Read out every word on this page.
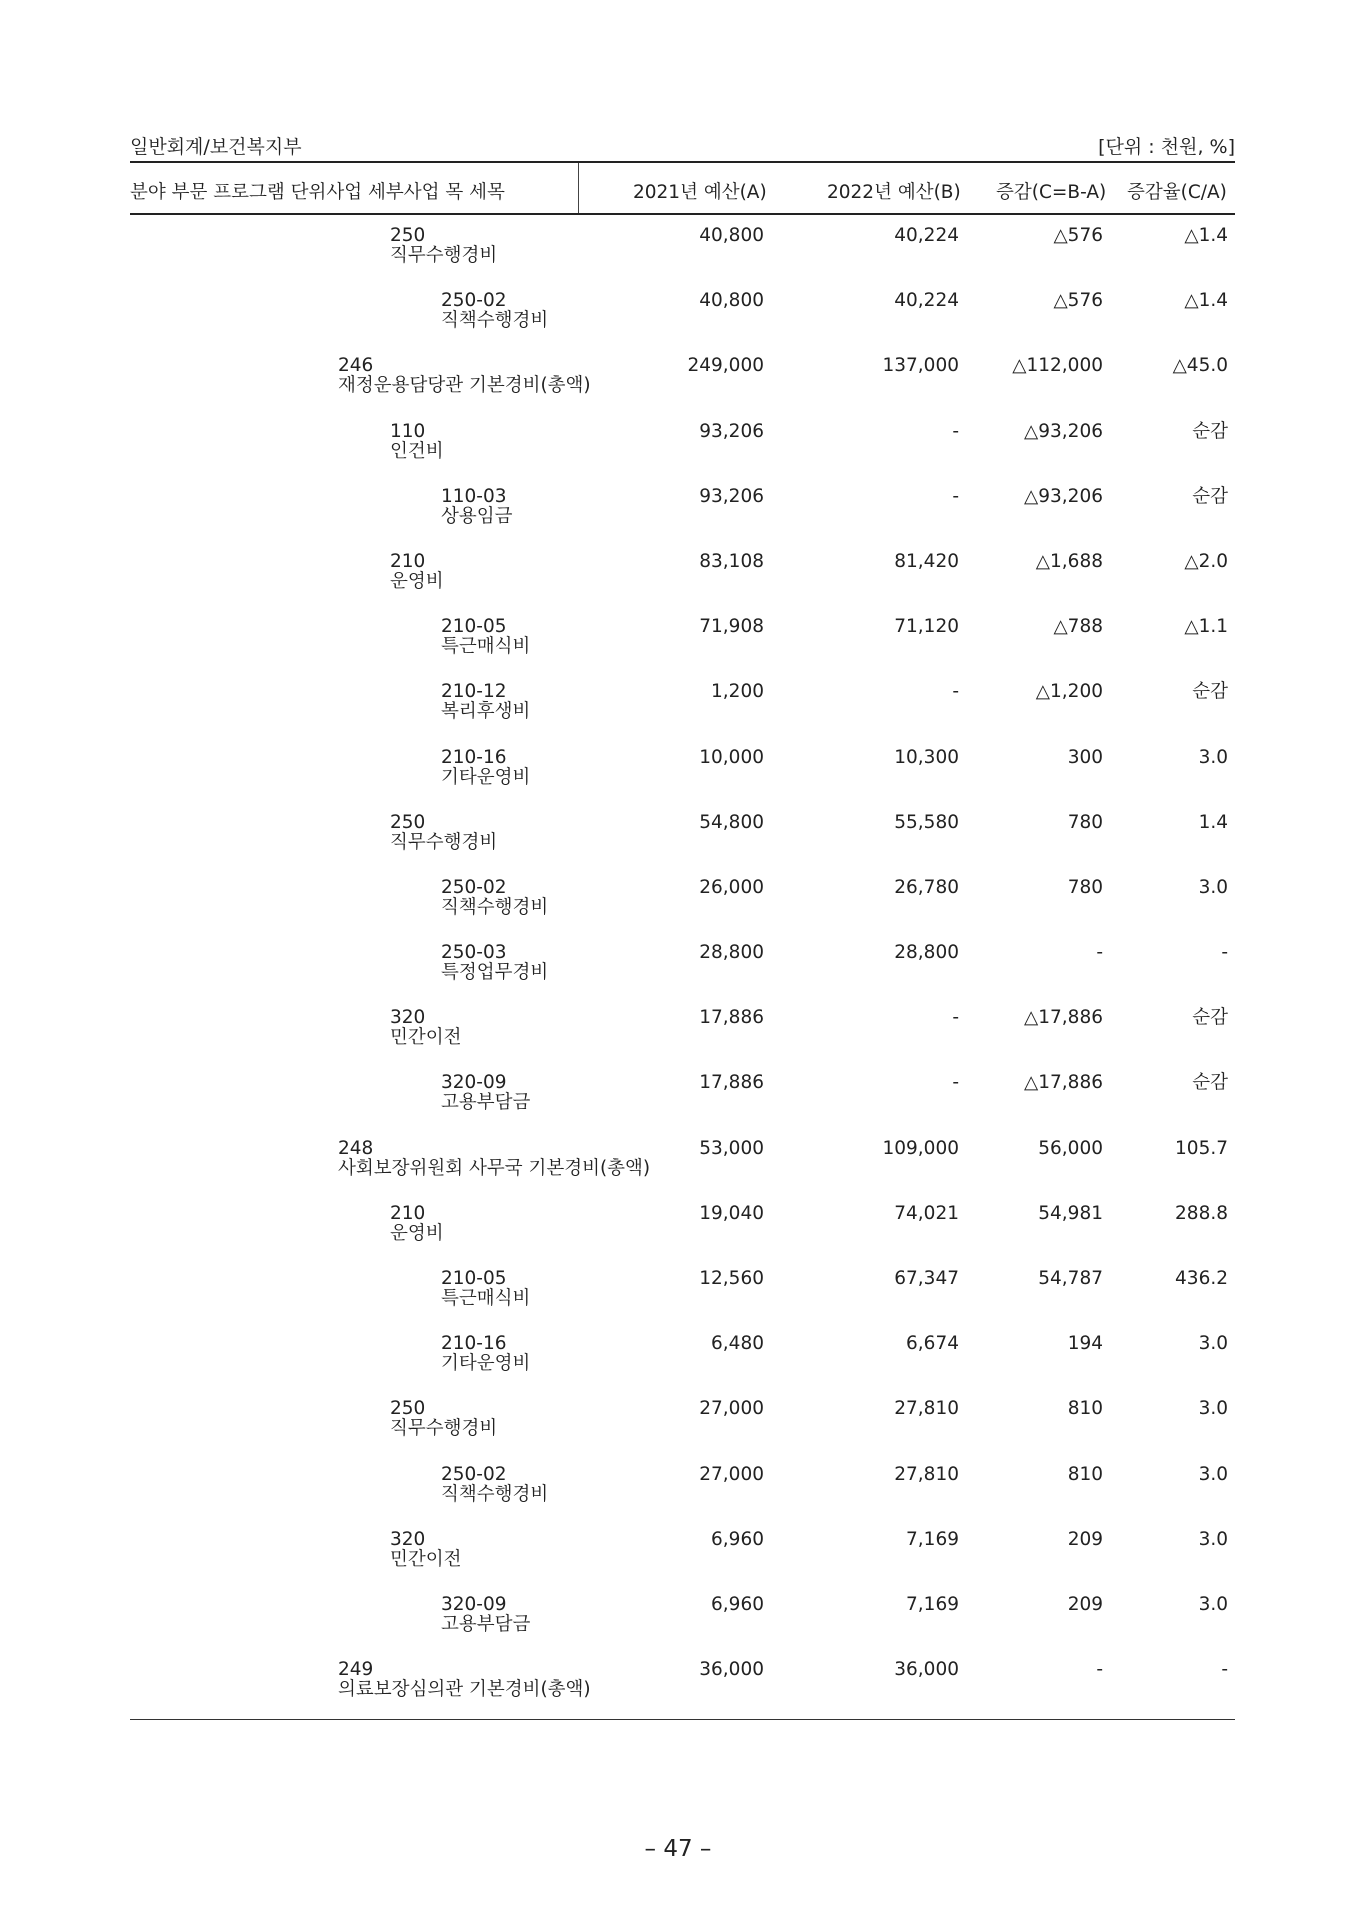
일반회계/보건복지부	[단위 : 천원, %]
분야 부문 프로그램 단위사업 세부사업 목 세목	2021년 예산(A)	2022년 예산(B) 증감(C=B-A) 증감율(C/A)
250
직무수행경비
40,800	40,224	△576	△1.4
250-02
직책수행경비
40,800	40,224	△576	△1.4
246
재정운용담당관 기본경비(총액)
249,000	137,000	△112,000	△45.0
110
인건비
93,206	-	△93,206	순감
110-03
상용임금
93,206	-	△93,206	순감
210
운영비
83,108	81,420	△1,688	△2.0
210-05
특근매식비
71,908	71,120	△788	△1.1
210-12
복리후생비
1,200	-	△1,200	순감
210-16
기타운영비
10,000	10,300	300	3.0
250
직무수행경비
54,800	55,580	780	1.4
250-02
직책수행경비
26,000	26,780	780	3.0
250-03
특정업무경비
28,800	28,800	-	-
320
민간이전
17,886	-	△17,886	순감
320-09
고용부담금
17,886	-	△17,886	순감
248
사회보장위원회 사무국 기본경비(총액)
53,000	109,000	56,000	105.7
210
운영비
19,040	74,021	54,981	288.8
210-05
특근매식비
12,560	67,347	54,787	436.2
210-16
기타운영비
6,480	6,674	194	3.0
250
직무수행경비
27,000	27,810	810	3.0
250-02
직책수행경비
27,000	27,810	810	3.0
320
민간이전
6,960	7,169	209	3.0
320-09
고용부담금
6,960	7,169	209	3.0
249
의료보장심의관 기본경비(총액)
36,000	36,000	-	-
– 47 –
